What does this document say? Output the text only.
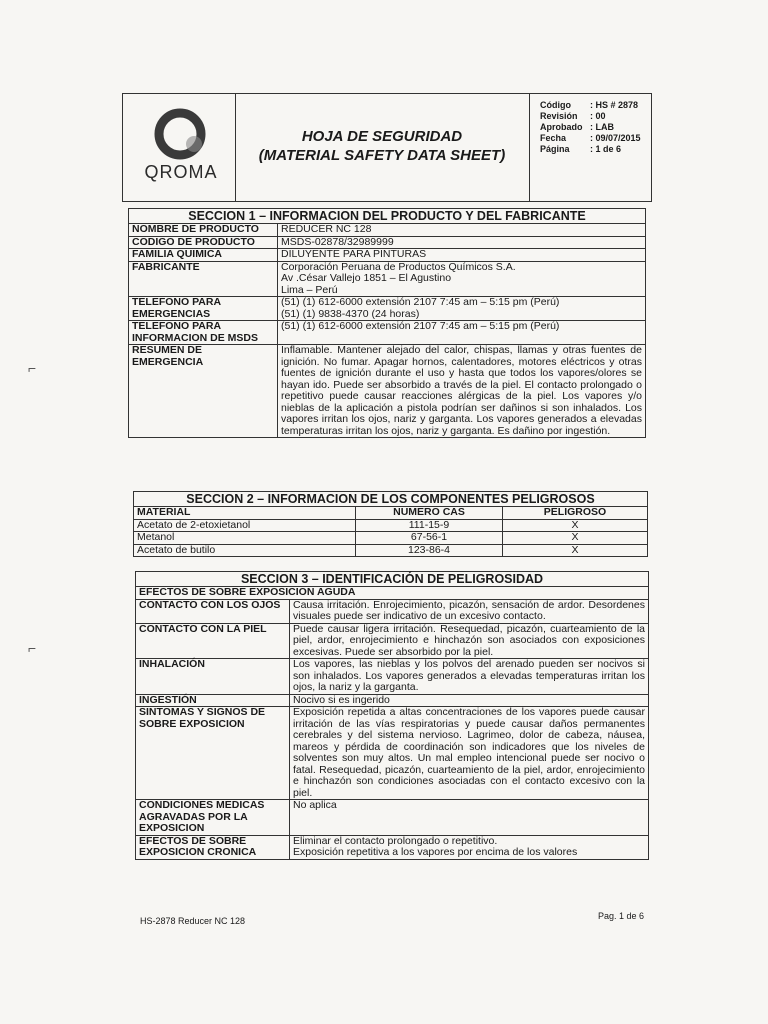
QROMA
HOJA DE SEGURIDAD
(MATERIAL SAFETY DATA SHEET)
Código : HS # 2878
Revisión : 00
Aprobado : LAB
Fecha	: 09/07/2015
Página : 1 de 6
SECCION 1 – INFORMACION DEL PRODUCTO Y DEL FABRICANTE	
NOMBRE DE PRODUCTO	REDUCER NC 128
CODIGO DE PRODUCTO	MSDS-02878/32989999
FAMILIA QUIMICA	DILUYENTE PARA PINTURAS
FABRICANTE	Corporación Peruana de Productos Químicos S.A.
Av .César Vallejo 1851 – El Agustino
Lima – Perú

TELEFONO PARA EMERGENCIAS	(51) (1) 612-6000 extensión 2107 7:45 am – 5:15 pm (Perú)
(51) (1) 9838-4370 (24 horas)

TELEFONO PARA INFORMACION DE MSDS	(51) (1) 612-6000 extensión 2107 7:45 am – 5:15 pm (Perú)

RESUMEN DE EMERGENCIA	Inflamable. Mantener alejado del calor, chispas, llamas y otras fuentes de ignición. No fumar. Apagar hornos, calentadores, motores eléctricos y otras fuentes de ignición durante el uso y hasta que todos los vapores/olores se hayan ido. Puede ser absorbido a través de la piel. El contacto prolongado o repetitivo puede causar reacciones alérgicas de la piel. Los vapores y/o nieblas de la aplicación a pistola podrían ser dañinos si son inhalados. Los vapores irritan los ojos, nariz y garganta. Los vapores generados a elevadas temperaturas irritan los ojos, nariz y garganta. Es dañino por ingestión.
SECCION 2 – INFORMACION DE LOS COMPONENTES PELIGROSOS		
MATERIAL	NUMERO CAS	PELIGROSO
Acetato de 2-etoxietanol	111-15-9	X
Metanol	67-56-1	X
Acetato de butilo	123-86-4	X
SECCION 3 – IDENTIFICACIÓN DE PELIGROSIDAD	
EFECTOS DE SOBRE EXPOSICION AGUDA	
CONTACTO CON LOS OJOS	Causa irritación. Enrojecimiento, picazón, sensación de ardor. Desordenes visuales puede ser indicativo de un excesivo contacto.
CONTACTO CON LA PIEL	Puede causar ligera irritación. Resequedad, picazón, cuarteamiento de la piel, ardor, enrojecimiento e hinchazón son asociados con exposiciones excesivas. Puede ser absorbido por la piel.
INHALACIÓN	Los vapores, las nieblas y los polvos del arenado pueden ser nocivos si son inhalados. Los vapores generados a elevadas temperaturas irritan los ojos, la nariz y la garganta.
INGESTIÓN	Nocivo si es ingerido
SINTOMAS Y SIGNOS DE SOBRE EXPOSICION	Exposición repetida a altas concentraciones de los vapores puede causar irritación de las vías respiratorias y puede causar daños permanentes cerebrales y del sistema nervioso. Lagrimeo, dolor de cabeza, náusea, mareos y pérdida de coordinación son indicadores que los niveles de solventes son muy altos. Un mal empleo intencional puede ser nocivo o fatal. Resequedad, picazón, cuarteamiento de la piel, ardor, enrojecimiento e hinchazón son condiciones asociadas con el contacto excesivo con la piel.
CONDICIONES MEDICAS AGRAVADAS POR LA EXPOSICION	No aplica
EFECTOS DE SOBRE EXPOSICION CRONICA	Eliminar el contacto prolongado o repetitivo.
Exposición repetitiva a los vapores por encima de los valores
⌐
⌐
HS-2878 Reducer NC 128	Pag. 1 de 6
